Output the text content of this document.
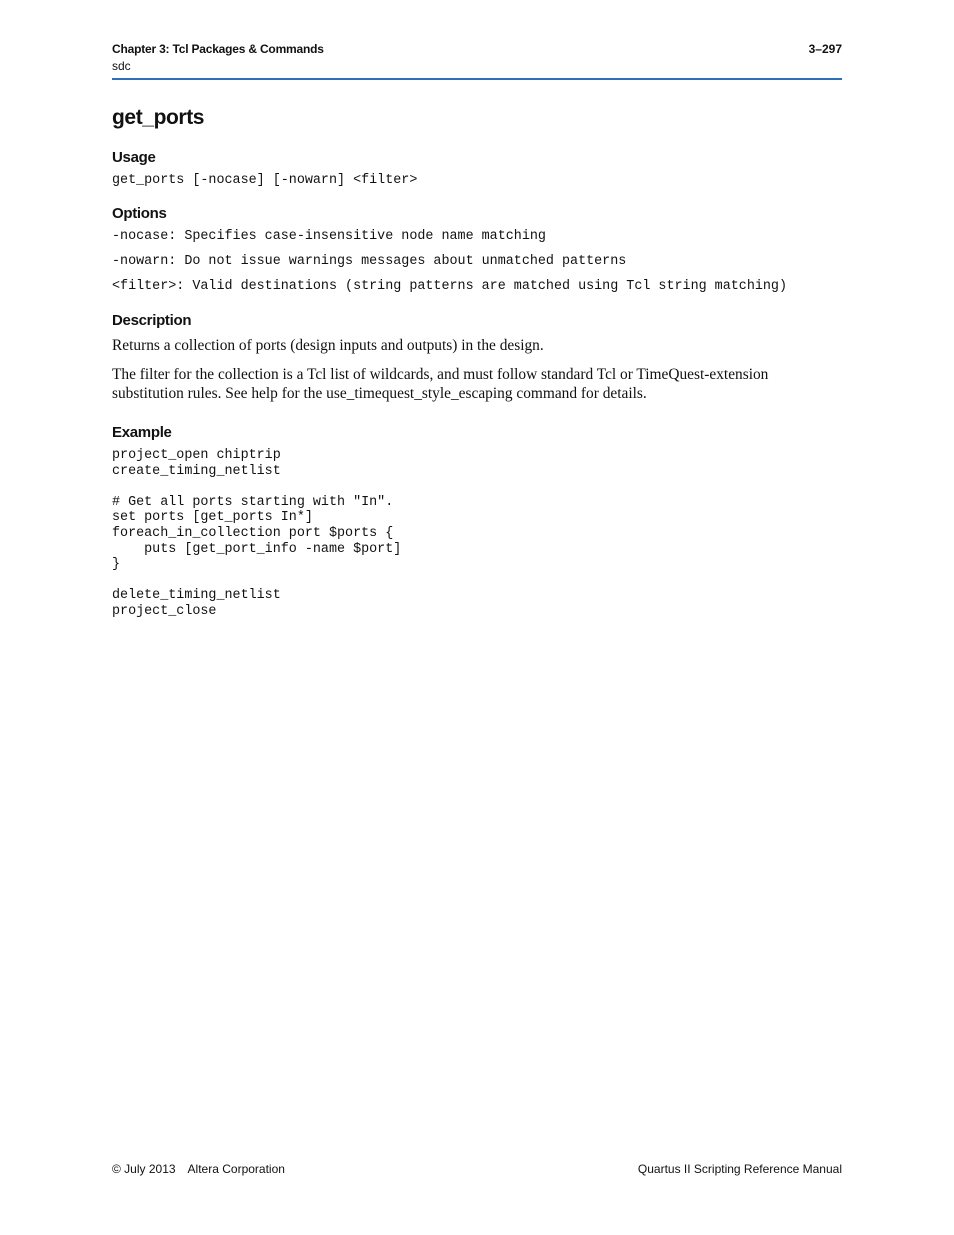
Chapter 3: Tcl Packages & Commands
sdc
3–297
get_ports
Usage
get_ports [-nocase] [-nowarn] <filter>
Options
-nocase: Specifies case-insensitive node name matching
-nowarn: Do not issue warnings messages about unmatched patterns
<filter>: Valid destinations (string patterns are matched using Tcl string matching)
Description

Returns a collection of ports (design inputs and outputs) in the design.

The filter for the collection is a Tcl list of wildcards, and must follow standard Tcl or TimeQuest-extension substitution rules. See help for the use_timequest_style_escaping command for details.

Example
project_open chiptrip
create_timing_netlist
# Get all ports starting with "In".
set ports [get_ports In*]
foreach_in_collection port $ports {
puts [get_port_info -name $port]
}
delete_timing_netlist
project_close
© July 2013 Altera Corporation	Quartus II Scripting Reference Manual
